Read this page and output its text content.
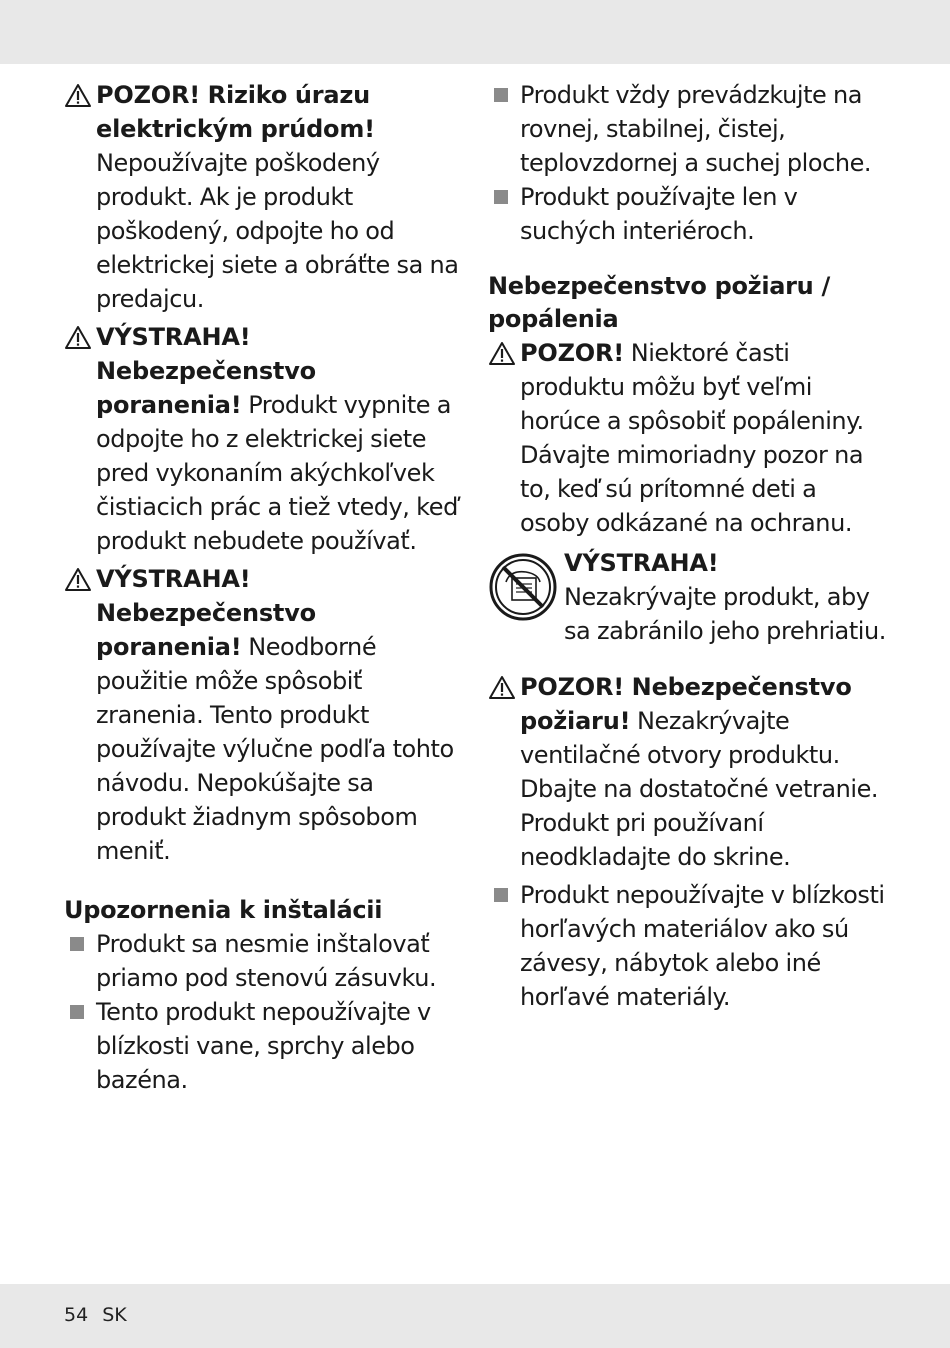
POZOR! Riziko úrazu elektrickým prúdom! Nepoužívajte poškodený produkt. Ak je produkt poškodený, odpojte ho od elektrickej siete a obráťte sa na predajcu.
VÝSTRAHA! Nebezpečenstvo poranenia! Produkt vypnite a odpojte ho z elektrickej siete pred vykonaním akýchkoľvek čistiacich prác a tiež vtedy, keď produkt nebudete používať.
VÝSTRAHA! Nebezpečenstvo poranenia! Neodborné použitie môže spôsobiť zranenia. Tento produkt používajte výlučne podľa tohto návodu. Nepokúšajte sa produkt žiadnym spôsobom meniť.
Upozornenia k inštalácii
Produkt sa nesmie inštalovať priamo pod stenovú zásuvku.
Tento produkt nepoužívajte v blízkosti vane, sprchy alebo bazéna.
Produkt vždy prevádzkujte na rovnej, stabilnej, čistej, teplovzdornej a suchej ploche.
Produkt používajte len v suchých interiéroch.
Nebezpečenstvo požiaru / popálenia
POZOR! Niektoré časti produktu môžu byť veľmi horúce a spôsobiť popáleniny. Dávajte mimoriadny pozor na to, keď sú prítomné deti a osoby odkázané na ochranu.
VÝSTRAHA!
Nezakrývajte produkt, aby sa zabránilo jeho prehriatiu.
POZOR! Nebezpečenstvo požiaru! Nezakrývajte ventilačné otvory produktu. Dbajte na dostatočné vetranie. Produkt pri používaní neodkladajte do skrine.
Produkt nepoužívajte v blízkosti horľavých materiálov ako sú závesy, nábytok alebo iné horľavé materiály.
54 SK
